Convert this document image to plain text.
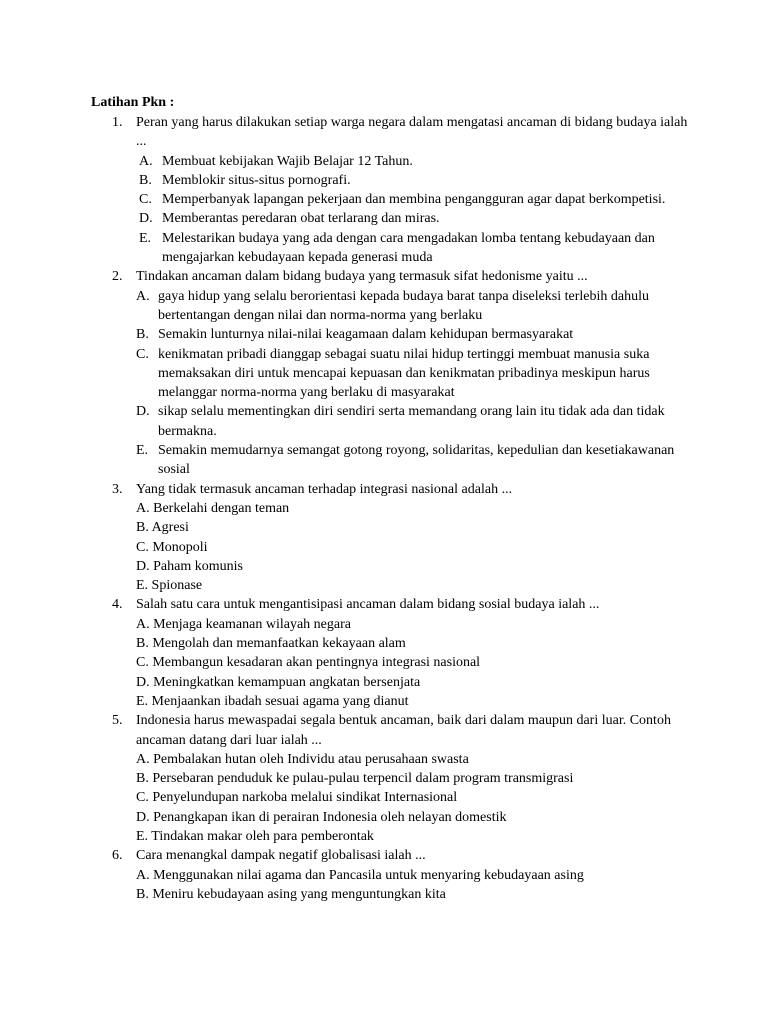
Latihan Pkn :
1. Peran yang harus dilakukan setiap warga negara dalam mengatasi ancaman di bidang budaya ialah ...
A. Membuat kebijakan Wajib Belajar 12 Tahun.
B. Memblokir situs-situs pornografi.
C. Memperbanyak lapangan pekerjaan dan membina pengangguran agar dapat berkompetisi.
D. Memberantas peredaran obat terlarang dan miras.
E. Melestarikan budaya yang ada dengan cara mengadakan lomba tentang kebudayaan dan mengajarkan kebudayaan kepada generasi muda
2. Tindakan ancaman dalam bidang budaya yang termasuk sifat hedonisme yaitu ...
A. gaya hidup yang selalu berorientasi kepada budaya barat tanpa diseleksi terlebih dahulu bertentangan dengan nilai dan norma-norma yang berlaku
B. Semakin lunturnya nilai-nilai keagamaan dalam kehidupan bermasyarakat
C. kenikmatan pribadi dianggap sebagai suatu nilai hidup tertinggi membuat manusia suka memaksakan diri untuk mencapai kepuasan dan kenikmatan pribadinya meskipun harus melanggar norma-norma yang berlaku di masyarakat
D. sikap selalu mementingkan diri sendiri serta memandang orang lain itu tidak ada dan tidak bermakna.
E. Semakin memudarnya semangat gotong royong, solidaritas, kepedulian dan kesetiakawanan sosial
3. Yang tidak termasuk ancaman terhadap integrasi nasional adalah ...
A. Berkelahi dengan teman
B. Agresi
C. Monopoli
D. Paham komunis
E. Spionase
4. Salah satu cara untuk mengantisipasi ancaman dalam bidang sosial budaya ialah ...
A. Menjaga keamanan wilayah negara
B. Mengolah dan memanfaatkan kekayaan alam
C. Membangun kesadaran akan pentingnya integrasi nasional
D. Meningkatkan kemampuan angkatan bersenjata
E. Menjaankan ibadah sesuai agama yang dianut
5. Indonesia harus mewaspadai segala bentuk ancaman, baik dari dalam maupun dari luar. Contoh ancaman datang dari luar ialah ...
A. Pembalakan hutan oleh Individu atau perusahaan swasta
B. Persebaran penduduk ke pulau-pulau terpencil dalam program transmigrasi
C. Penyelundupan narkoba melalui sindikat Internasional
D. Penangkapan ikan di perairan Indonesia oleh nelayan domestik
E. Tindakan makar oleh para pemberontak
6. Cara menangkal dampak negatif globalisasi ialah ...
A. Menggunakan nilai agama dan Pancasila untuk menyaring kebudayaan asing
B. Meniru kebudayaan asing yang menguntungkan kita
